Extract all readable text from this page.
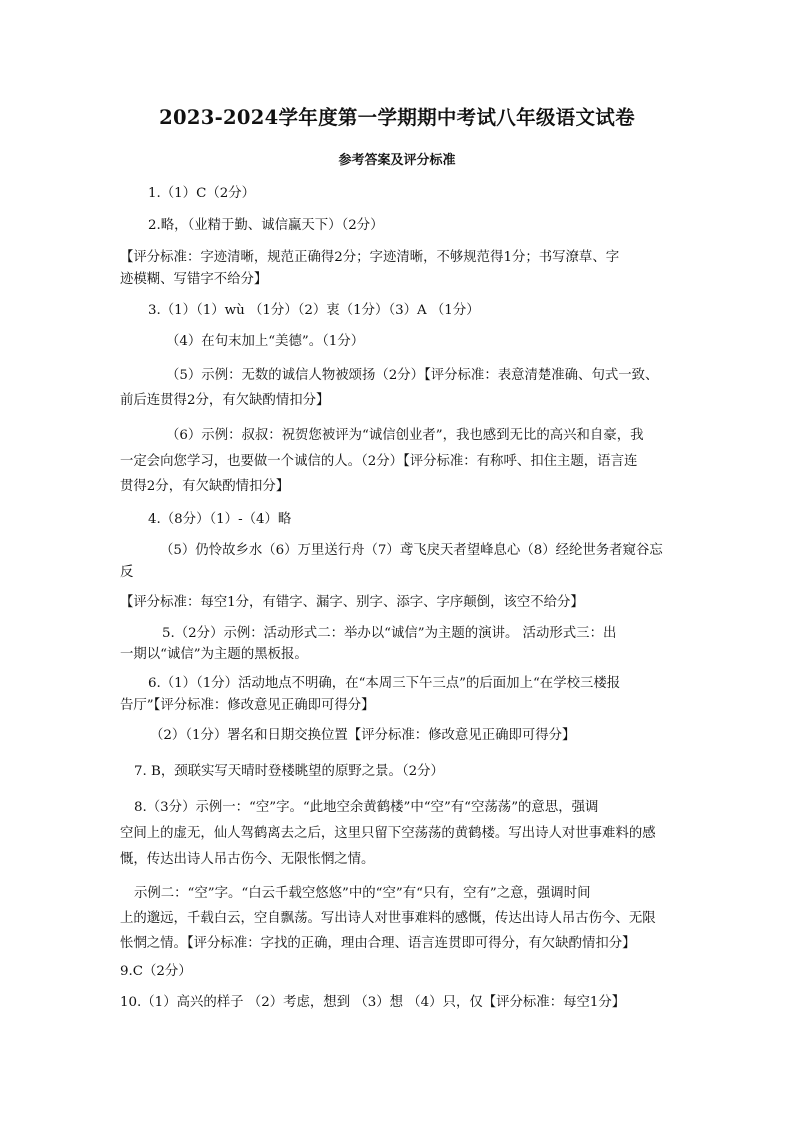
2023-2024学年度第一学期期中考试八年级语文试卷
参考答案及评分标准
1.（1）C（2分）
2.略，（业精于勤、诚信赢天下）（2分）
【评分标准：字迹清晰，规范正确得2分；字迹清晰，不够规范得1分；书写潦草、字
迹模糊、写错字不给分】
3.（1）（1）wù （1分）（2）衷（1分）（3）A （1分）
（4）在句末加上“美德”。（1分）
（5）示例：无数的诚信人物被颂扬（2分）【评分标准：表意清楚准确、句式一致、
前后连贯得2分，有欠缺酌情扣分】
（6）示例：叔叔：祝贺您被评为“诚信创业者”，我也感到无比的高兴和自豪，我
一定会向您学习，也要做一个诚信的人。（2分）【评分标准：有称呼、扣住主题，语言连
贯得2分，有欠缺酌情扣分】
4.（8分）（1）-（4）略
（5）仍怜故乡水（6）万里送行舟（7）鸢飞戾天者望峰息心（8）经纶世务者窥谷忘
反
【评分标准：每空1分，有错字、漏字、别字、添字、字序颠倒，该空不给分】
5.（2分）示例：活动形式二：举办以“诚信”为主题的演讲。 活动形式三：出
一期以“诚信”为主题的黑板报。
6.（1）（1分）活动地点不明确，在“本周三下午三点”的后面加上“在学校三楼报
告厅”【评分标准：修改意见正确即可得分】
（2）（1分）署名和日期交换位置【评分标准：修改意见正确即可得分】
7. B，颈联实写天晴时登楼眺望的原野之景。（2分）
8.（3分）示例一：“空”字。“此地空余黄鹤楼”中“空”有“空荡荡”的意思，强调
空间上的虚无，仙人驾鹤离去之后，这里只留下空荡荡的黄鹤楼。写出诗人对世事难料的感
慨，传达出诗人吊古伤今、无限怅惘之情。
示例二：“空”字。“白云千载空悠悠”中的“空”有“只有，空有”之意，强调时间
上的邈远，千载白云，空自飘荡。写出诗人对世事难料的感慨，传达出诗人吊古伤今、无限
怅惘之情。【评分标准：字找的正确，理由合理、语言连贯即可得分，有欠缺酌情扣分】
9.C（2分）
10.（1）高兴的样子 （2）考虑，想到 （3）想 （4）只，仅【评分标准：每空1分】
